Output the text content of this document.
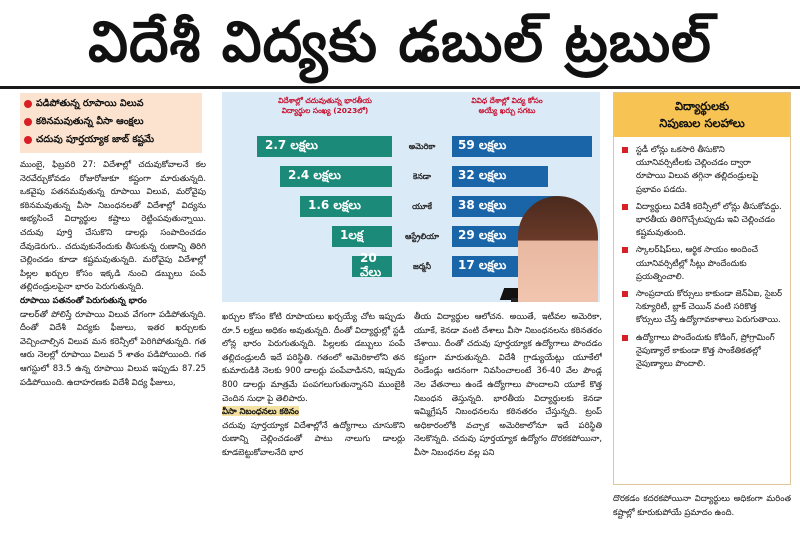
విదేశీ విద్యకు డబుల్ ట్రబుల్
పడిపోతున్న రూపాయి విలువ
కఠినమవుతున్న వీసా ఆంక్షలు
చదువు పూర్తయ్యాక జాబ్ కష్టమే
ముంబై, ఫిబ్రవరి 27: విదేశాల్లో చదువుకోవాలనే కల నెరవేర్చుకోవడం రోజురోజుకూ కష్టంగా మారుతున్నది. ఒకవైపు పతనమవుతున్న రూపాయి విలువ, మరోవైపు కఠినమవుతున్న వీసా నిబంధనలతో విదేశాల్లో విద్యను అభ్యసించే విద్యార్థుల కష్టాలు రెట్టింపవుతున్నాయి. చదువు పూర్తి చేసుకొని డాలర్లు సంపాదించడం దేవుడెరుగు.. చదువుకునేందుకు తీసుకున్న రుణాన్ని తిరిగి చెల్లించడం కూడా కష్టమవుతున్నది. మరోవైపు విదేశాల్లో పిల్లల ఖర్చుల కోసం ఇక్కడి నుంచి డబ్బులు పంపే తల్లిదండ్రులపైనా భారం పెరుగుతున్నది.
రూపాయి పతనంతో పెరుగుతున్న భారం
డాలర్‌తో పోలిస్తే రూపాయి విలువ వేగంగా పడిపోతున్నది. దీంతో విదేశీ విద్యకు ఫీజులు, ఇతర ఖర్చులకు వెచ్చించాల్సిన విలువ మన కరెన్సీలో పెరిగిపోతున్నది. గత ఆరు నెలల్లో రూపాయి విలువ 5 శాతం పడిపోయింది. గత ఆగస్టులో 83.5 ఉన్న రూపాయి విలువ ఇప్పుడు 87.25 పడిపోయింది. ఉదాహరణకు విదేశీ విద్య ఫీజులు,
విదేశాల్లో చదువుతున్న భారతీయ
విద్యార్థుల సంఖ్య (2023లో)
వివిధ దేశాల్లో విద్య కోసం
అయ్యే ఖర్చు సగటు
2.7 లక్షలు	అమెరికా	59 లక్షలు
2.4 లక్షలు	కెనడా	32 లక్షలు
1.6 లక్షలు	యూకే	38 లక్షలు
1లక్ష	ఆస్ట్రేలియా	29 లక్షలు
20 వేలు	జర్మనీ	17 లక్షలు
ఖర్చుల కోసం కోటి రూపాయలు ఖర్చయ్యే చోట ఇప్పుడు రూ.5 లక్షలు అధికం అవుతున్నది. దీంతో విద్యార్థుల్లో స్టడీ లోన్ల భారం పెరుగుతున్నది. పిల్లలకు డబ్బులు పంపే తల్లిదండ్రులదీ ఇదే పరిస్థితి. గతంలో అమెరికాలోని తన కుమారుడికి నెలకు 900 డాలర్లు పంపేవాడినని, ఇప్పుడు 800 డాలర్లు మాత్రమే పంపగలుగుతున్నానని ముంబైకి చెందిన సుధా పై తెలిపారు.
వీసా నిబంధనలు కఠినం
చదువు పూర్తయ్యాక విదేశాల్లోనే ఉద్యోగాలు చూసుకొని రుణాన్ని చెల్లించడంతో పాటు నాలుగు డాలర్లు కూడబెట్టుకోవాలనేది భార
తీయ విద్యార్థుల ఆలోచన. అయితే, ఇటీవల అమెరికా, యూకే, కెనడా వంటి దేశాలు వీసా నిబంధనలను కఠినతరం చేశాయి. దీంతో చదువు పూర్తయ్యాక ఉద్యోగాలు పొందడం కష్టంగా మారుతున్నది. విదేశీ గ్రాడ్యుయేట్లు యూకేలో రెండేండ్లు ఆదనంగా నివసించాలంటే 36-40 వేల పౌండ్ల నెల వేతనాలు ఉండే ఉద్యోగాలు పొందాలని యూకే కొత్త నిబంధన తెస్తున్నది. భారతీయ విద్యార్థులకు కెనడా ఇమ్మిగ్రేషన్ నిబంధనలను కఠినతరం చేస్తున్నది. ట్రంప్ అధికారంలోకి వచ్చాక అమెరికాలోనూ ఇదే పరిస్థితి నెలకొన్నది. చదువు పూర్తయ్యాక ఉద్యోగం దొరకకపోయినా, వీసా నిబంధనల వల్ల పని
విద్యార్థులకు
నిపుణుల సలహాలు
స్టడీ లోన్లు ఒకసారి తీసుకొని యూనివర్సిటీలకు చెల్లించడం ద్వారా రూపాయి విలువ తగ్గినా తల్లిదండ్రులపై ప్రభావం పడదు.
విద్యార్థులు విదేశీ కరెన్సీలో లోన్లు తీసుకోవద్దు. భారతీయ తిరిగొచ్చేటప్పుడు ఇవి చెల్లించడం కష్టమవుతుంది.
స్కాలర్‌షిప్‌లు, ఆర్థిక సాయం అందించే యూనివర్సిటీల్లో సీట్లు పొందేందుకు ప్రయత్నించాలి.
సాంప్రదాయ కోర్సులు కాకుండా జెన్ఏఐ, సైబర్ సెక్యూరిటీ, బ్లాక్ చెయిన్ వంటి సరికొత్త కోర్సులు చేస్తే ఉద్యోగావకాశాలు పెరుగుతాయి.
ఉద్యోగాలు పొందేందుకు కోడింగ్, ప్రోగ్రామింగ్ నైపుణ్యాలే కాకుండా కొత్త సాంకేతికతల్లో నైపుణ్యాలు పొందాలి.
దొరకడం కదరకపోయినా విద్యార్థులు అధికంగా మరింత కష్టాల్లో కూరుకుపోయే ప్రమాదం ఉంది.
